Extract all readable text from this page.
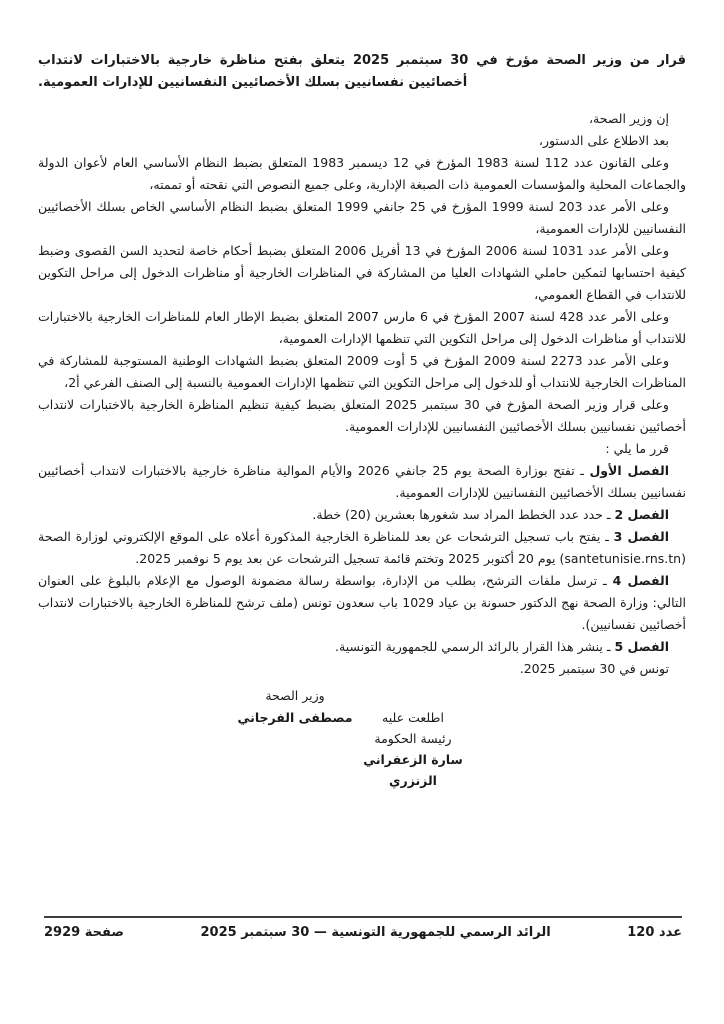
قرار من وزير الصحة مؤرخ في 30 سبتمبر 2025 يتعلق بفتح مناظرة خارجية بالاختبارات لانتداب أخصائيين نفسانيين بسلك الأخصائيين النفسانيين للإدارات العمومية.

إن وزير الصحة،

بعد الاطلاع على الدستور،

وعلى القانون عدد 112 لسنة 1983 المؤرخ في 12 ديسمبر 1983 المتعلق بضبط النظام الأساسي العام لأعوان الدولة والجماعات المحلية والمؤسسات العمومية ذات الصبغة الإدارية، وعلى جميع النصوص التي نقحته أو تممته،

وعلى الأمر عدد 203 لسنة 1999 المؤرخ في 25 جانفي 1999 المتعلق بضبط النظام الأساسي الخاص بسلك الأخصائيين النفسانيين للإدارات العمومية،

وعلى الأمر عدد 1031 لسنة 2006 المؤرخ في 13 أفريل 2006 المتعلق بضبط أحكام خاصة لتحديد السن القصوى وضبط كيفية احتسابها لتمكين حاملي الشهادات العليا من المشاركة في المناظرات الخارجية أو مناظرات الدخول إلى مراحل التكوين للانتداب في القطاع العمومي،

وعلى الأمر عدد 428 لسنة 2007 المؤرخ في 6 مارس 2007 المتعلق بضبط الإطار العام للمناظرات الخارجية بالاختبارات للانتداب أو مناظرات الدخول إلى مراحل التكوين التي تنظمها الإدارات العمومية،

وعلى الأمر عدد 2273 لسنة 2009 المؤرخ في 5 أوت 2009 المتعلق بضبط الشهادات الوطنية المستوجبة للمشاركة في المناظرات الخارجية للانتداب أو للدخول إلى مراحل التكوين التي تنظمها الإدارات العمومية بالنسبة إلى الصنف الفرعي أ2،

وعلى قرار وزير الصحة المؤرخ في 30 سبتمبر 2025 المتعلق بضبط كيفية تنظيم المناظرة الخارجية بالاختبارات لانتداب أخصائيين نفسانيين بسلك الأخصائيين النفسانيين للإدارات العمومية.

قرر ما يلي :

الفصل الأول ـ تفتح بوزارة الصحة يوم 25 جانفي 2026 والأيام الموالية مناظرة خارجية بالاختبارات لانتداب أخصائيين نفسانيين بسلك الأخصائيين النفسانيين للإدارات العمومية.

الفصل 2 ـ حدد عدد الخطط المراد سد شغورها بعشرين (20) خطة.

الفصل 3 ـ يفتح باب تسجيل الترشحات عن بعد للمناظرة الخارجية المذكورة أعلاه على الموقع الإلكتروني لوزارة الصحة (santetunisie.rns.tn) يوم 20 أكتوبر 2025 وتختم قائمة تسجيل الترشحات عن بعد يوم 5 نوفمبر 2025.

الفصل 4 ـ ترسل ملفات الترشح، بطلب من الإدارة، بواسطة رسالة مضمونة الوصول مع الإعلام بالبلوغ على العنوان التالي: وزارة الصحة نهج الدكتور حسونة بن عياد 1029 باب سعدون تونس (ملف ترشح للمناظرة الخارجية بالاختبارات لانتداب أخصائيين نفسانيين).

الفصل 5 ـ ينشر هذا القرار بالرائد الرسمي للجمهورية التونسية.

تونس في 30 سبتمبر 2025.

وزير الصحة
مصطفى الفرجاني	اطلعت عليه
رئيسة الحكومة
سارة الزعفراني الزنزري
عدد 120
الرائد الرسمي للجمهورية التونسية — 30 سبتمبر 2025
صفحة 2929
